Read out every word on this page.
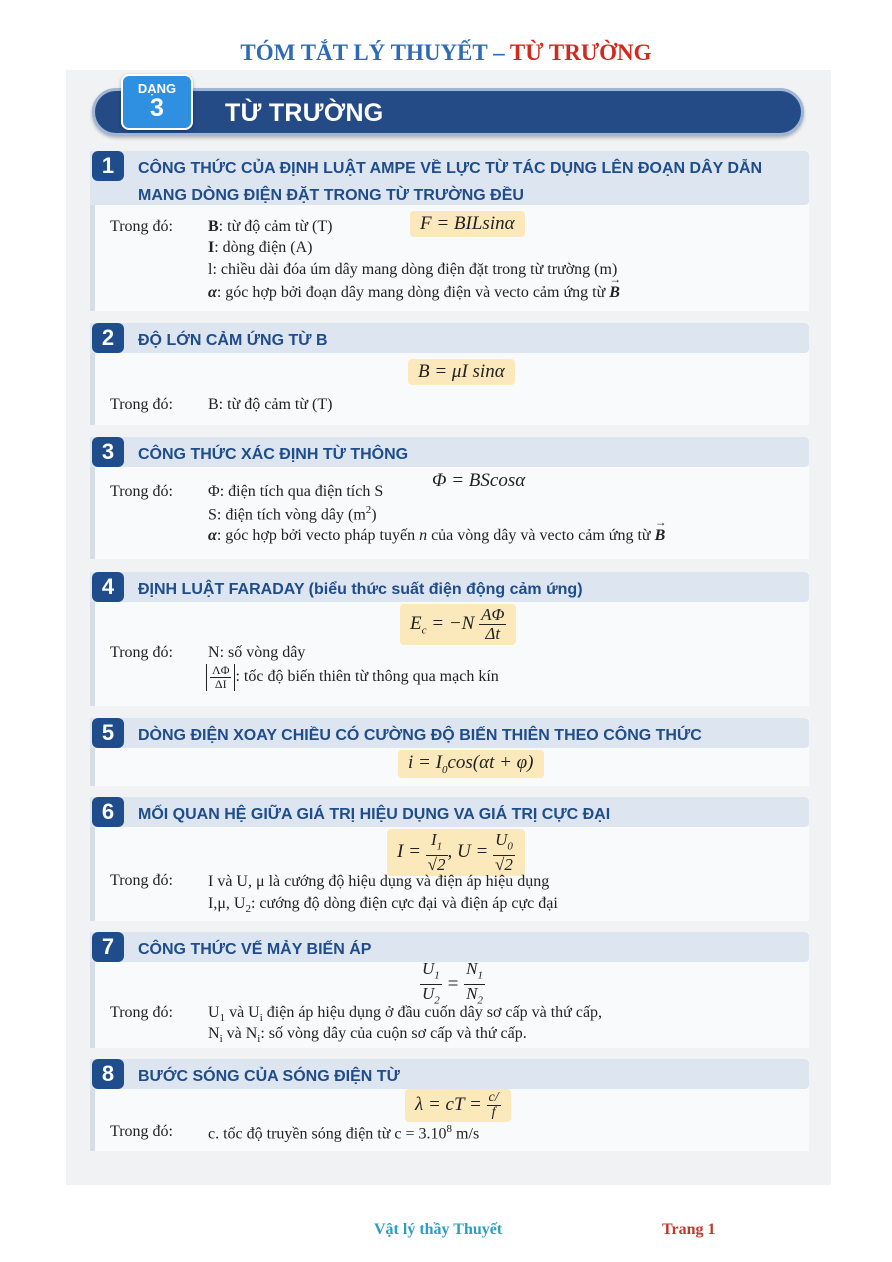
TÓM TẮT LÝ THUYẾT – TỪ TRƯỜNG
TỪ TRƯỜNG
DẠNG
3
1	CÔNG THỨC CỦA ĐỊNH LUẬT AMPE VỀ LỰC TỪ TÁC DỤNG LÊN ĐOẠN DÂY DẪN MANG DÒNG ĐIỆN ĐẶT TRONG TỪ TRƯỜNG ĐỀU
Trong đó:	F = BILsinα
B: từ độ cảm từ (T)
I: dòng điện (A)
l: chiều dài đóa úm dây mang dòng điện đặt trong từ trường (m)
α: góc hợp bởi đoạn dây mang dòng điện và vecto cảm ứng từ → B
2	ĐỘ LỚN CẢM ỨNG TỪ B
B = μI sinα
Trong đó: B: từ độ cảm từ (T)
3	CÔNG THỨC XÁC ĐỊNH TỪ THÔNG
Φ = BScosα
Trong đó: Φ: điện tích qua điện tích S
S: điện tích vòng dây $(m^2)$
α: góc hợp bởi vecto pháp tuyến n của vòng dây và vecto cảm ứng từ → B
4	ĐỊNH LUẬT FARADAY (biểu thức suất điện động cảm ứng)
$E_c = -N \frac{A\Phi}{\Delta t}$
Trong đó: N: số vòng dây
$\frac{\Lambda\Phi}{\Delta I}$ : tốc độ biến thiên từ thông qua mạch kín
5	DÒNG ĐIỆN XOAY CHIỀU CÓ CƯỜNG ĐỘ BIẾN THIÊN THEO CÔNG THỨC
$i = I_0\cos(\alpha t + \varphi)$
6	MỐI QUAN HỆ GIỮA GIÁ TRỊ HIỆU DỤNG VA GIÁ TRỊ CỰC ĐẠI
$I = \frac{I_1}{√2}$ , $U = \frac{U_0}{√2}$
Trong đó: I và U, μ là cướng độ hiệu dụng và điện áp hiệu dụng
I,μ, $U_2$: cướng độ dòng điện cực đại và điện áp cực đại
7	CÔNG THỨC VẾ MẢY BIẾN ÁP
$\frac{U_1}{U_2} = \frac{N_1}{N_2}$
Trong đó: $U_1$ và $U_i$ điện áp hiệu dụng ở đầu cuốn dây sơ cấp và thứ cấp,
$N_i$ và $N_i$: số vòng dây của cuộn sơ cấp và thứ cấp.
8	BƯỚC SÓNG CỦA SÓNG ĐIỆN TỪ
λ = cT = $\frac{c/}{f}$
Trong đó: c. tốc độ truyền sóng điện từ $c = 3.10^8$ m/s
Vật lý thầy Thuyết	Trang 1
